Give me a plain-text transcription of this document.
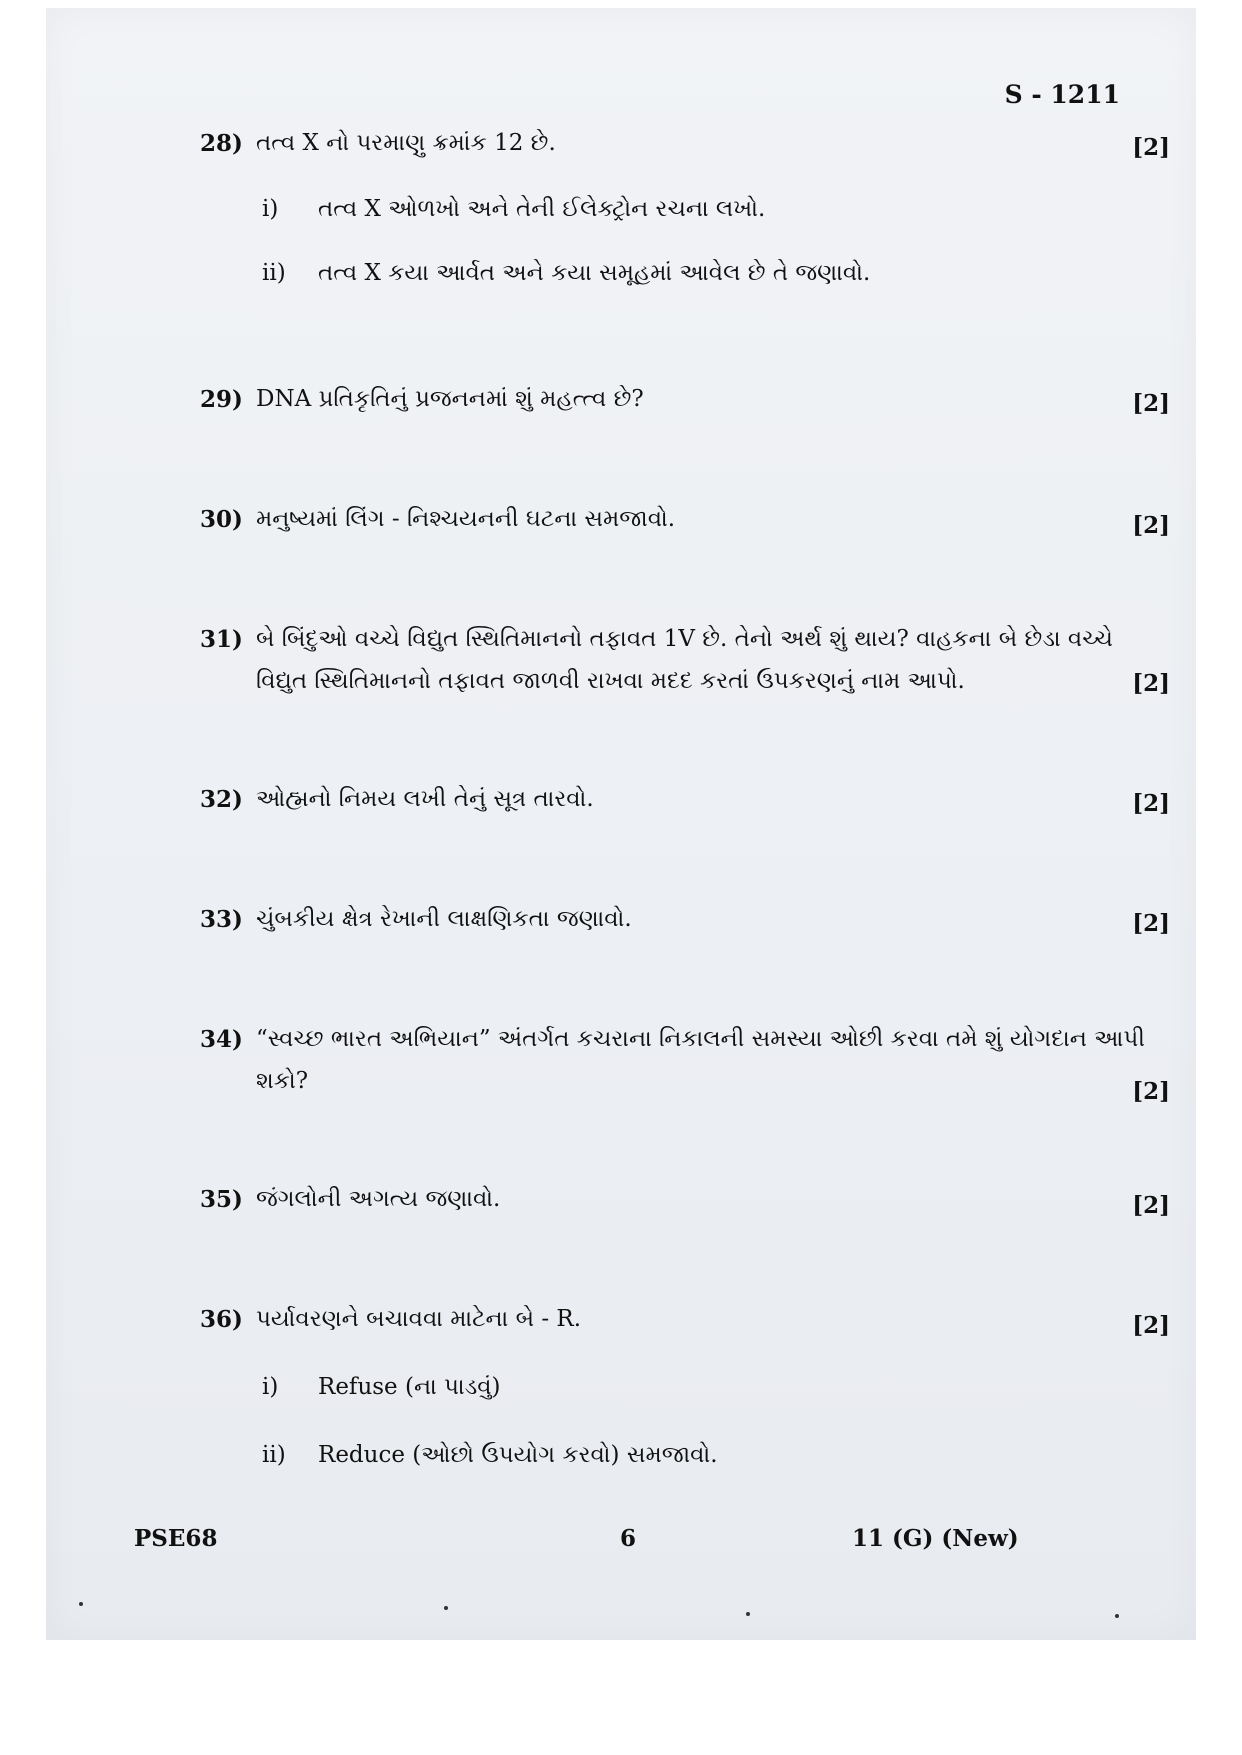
S - 1211
28) તત્વ X નો પરમાણુ ક્રમાંક 12 છે.	[2]
i) તત્વ X ઓળખો અને તેની ઈલેક્ટ્રોન રચના લખો.
ii) તત્વ X કયા આર્વત અને કયા સમૂહમાં આવેલ છે તે જણાવો.
29) DNA પ્રતિકૃતિનું પ્રજનનમાં શું મહત્ત્વ છે?	[2]
30) મનુષ્યમાં લિંગ - નિશ્ચયનની ઘટના સમજાવો.	[2]
31) બે બિંદુઓ વચ્ચે વિદ્યુત સ્થિતિમાનનો તફાવત 1V છે. તેનો અર્થ શું થાય? વાહકના બે છેડા વચ્ચે
વિદ્યુત સ્થિતિમાનનો તફાવત જાળવી રાખવા મદદ કરતાં ઉપકરણનું નામ આપો.	[2]
32) ઓહ્મનો નિમય લખી તેનું સૂત્ર તારવો.	[2]
33) ચુંબકીય ક્ષેત્ર રેખાની લાક્ષણિકતા જણાવો.	[2]
34) “સ્વચ્છ ભારત અભિયાન” અંતર્ગત કચરાના નિકાલની સમસ્યા ઓછી કરવા તમે શું યોગદાન આપી
શકો?	[2]
35) જંગલોની અગત્ય જણાવો.	[2]
36) પર્યાવરણને બચાવવા માટેના બે - R.	[2]
i) Refuse (ના પાડવું)
ii) Reduce (ઓછો ઉપયોગ કરવો) સમજાવો.
PSE68	6	11 (G) (New)
